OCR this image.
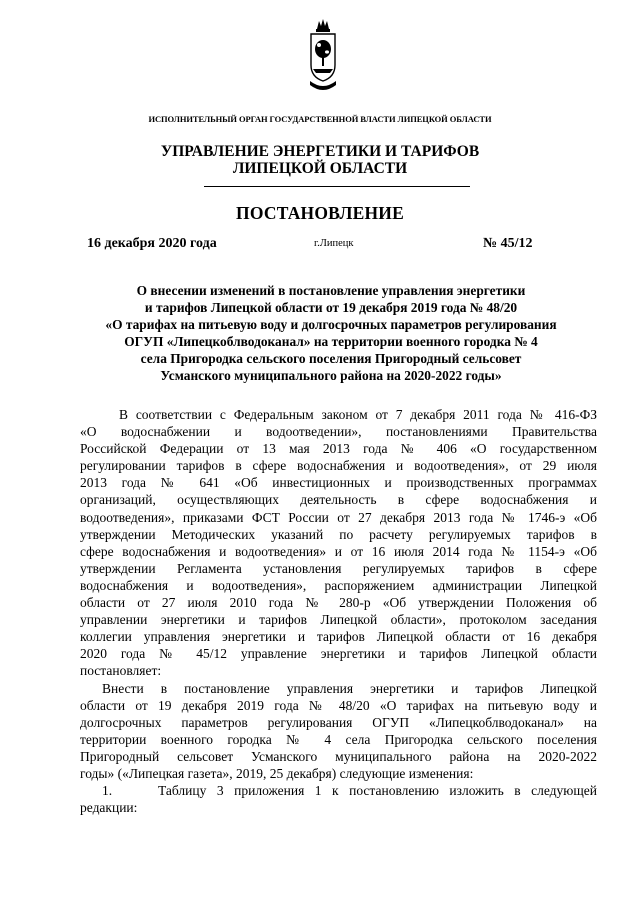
ИСПОЛНИТЕЛЬНЫЙ ОРГАН ГОСУДАРСТВЕННОЙ ВЛАСТИ ЛИПЕЦКОЙ ОБЛАСТИ
УПРАВЛЕНИЕ ЭНЕРГЕТИКИ И ТАРИФОВ
ЛИПЕЦКОЙ ОБЛАСТИ
ПОСТАНОВЛЕНИЕ
16 декабря 2020 года	г.Липецк	№ 45/12
О внесении изменений в постановление управления энергетики
и тарифов Липецкой области от 19 декабря 2019 года № 48/20
«О тарифах на питьевую воду и долгосрочных параметров регулирования
ОГУП «Липецкоблводоканал» на территории военного городка № 4
села Пригородка сельского поселения Пригородный сельсовет
Усманского муниципального района на 2020-2022 годы»
В соответствии с Федеральным законом от 7 декабря 2011 года № 416-ФЗ
«О водоснабжении и водоотведении», постановлениями Правительства
Российской Федерации от 13 мая 2013 года № 406 «О государственном
регулировании тарифов в сфере водоснабжения и водоотведения», от 29 июля
2013 года № 641 «Об инвестиционных и производственных программах
организаций, осуществляющих деятельность в сфере водоснабжения и
водоотведения», приказами ФСТ России от 27 декабря 2013 года № 1746-э «Об
утверждении Методических указаний по расчету регулируемых тарифов в
сфере водоснабжения и водоотведения» и от 16 июля 2014 года № 1154-э «Об
утверждении Регламента установления регулируемых тарифов в сфере
водоснабжения и водоотведения», распоряжением администрации Липецкой
области от 27 июля 2010 года № 280-р «Об утверждении Положения об
управлении энергетики и тарифов Липецкой области», протоколом заседания
коллегии управления энергетики и тарифов Липецкой области от 16 декабря
2020 года № 45/12 управление энергетики и тарифов Липецкой области
постановляет:
Внести в постановление управления энергетики и тарифов Липецкой
области от 19 декабря 2019 года № 48/20 «О тарифах на питьевую воду и
долгосрочных параметров регулирования ОГУП «Липецкоблводоканал» на
территории военного городка № 4 села Пригородка сельского поселения
Пригородный сельсовет Усманского муниципального района на 2020-2022
годы» («Липецкая газета», 2019, 25 декабря) следующие изменения:
1.	Таблицу 3 приложения 1 к постановлению изложить в следующей
редакции:
